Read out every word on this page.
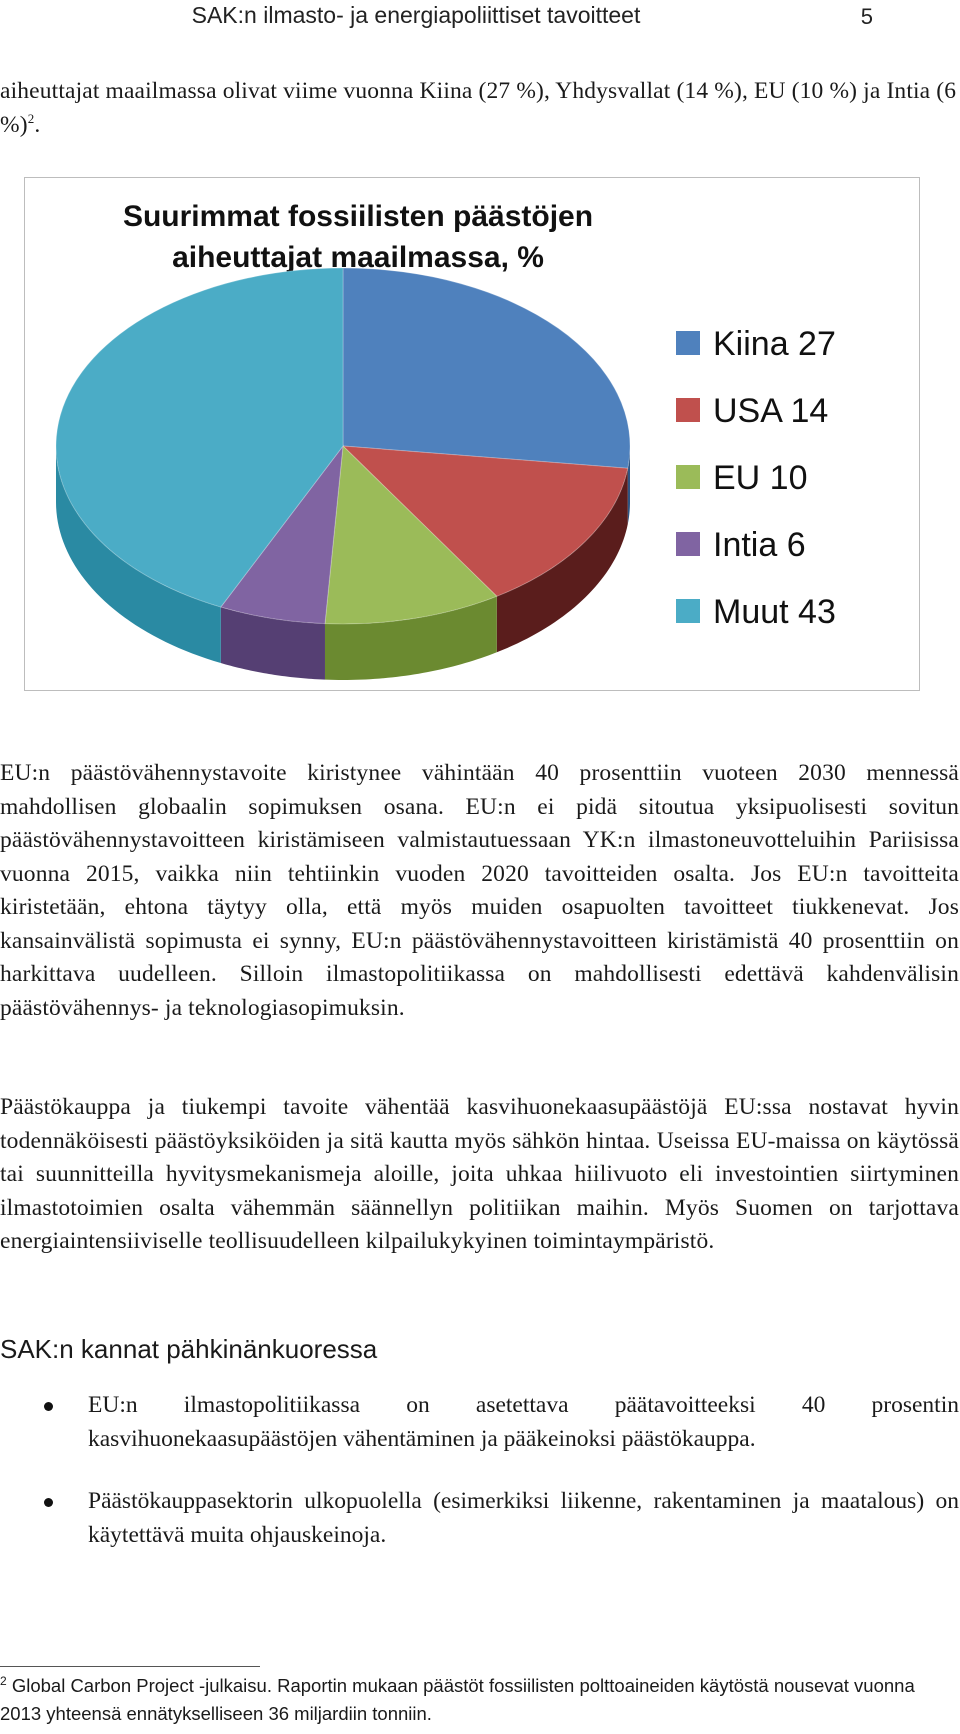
SAK:n ilmasto- ja energiapoliittiset tavoitteet	5

aiheuttajat maailmassa olivat viime vuonna Kiina (27 %), Yhdysvallat (14 %), EU (10 %) ja Intia (6 %)$^2$.

Suurimmat fossiilisten päästöjen
aiheuttajat maailmassa, %
Kiina 27
USA 14
EU 10
Intia 6
Muut 43

EU:n päästövähennystavoite kiristynee vähintään 40 prosenttiin vuoteen 2030 mennessä mahdollisen globaalin sopimuksen osana. EU:n ei pidä sitoutua yksipuolisesti sovitun päästövähennystavoitteen kiristämiseen valmistautuessaan YK:n ilmastoneuvotteluihin Pariisissa vuonna 2015, vaikka niin tehtiinkin vuoden 2020 tavoitteiden osalta. Jos EU:n tavoitteita kiristetään, ehtona täytyy olla, että myös muiden osapuolten tavoitteet tiukkenevat. Jos kansainvälistä sopimusta ei synny, EU:n päästövähennystavoitteen kiristämistä 40 prosenttiin on harkittava uudelleen. Silloin ilmastopolitiikassa on mahdollisesti edettävä kahdenvälisin päästövähennys- ja teknologiasopimuksin.

Päästökauppa ja tiukempi tavoite vähentää kasvihuonekaasupäästöjä EU:ssa nostavat hyvin todennäköisesti päästöyksiköiden ja sitä kautta myös sähkön hintaa. Useissa EU-maissa on käytössä tai suunnitteilla hyvitysmekanismeja aloille, joita uhkaa hiilivuoto eli investointien siirtyminen ilmastotoimien osalta vähemmän säännellyn politiikan maihin. Myös Suomen on tarjottava energiaintensiiviselle teollisuudelleen kilpailukykyinen toimintaympäristö.

SAK:n kannat pähkinänkuoressa
EU:n ilmastopolitiikassa on asetettava päätavoitteeksi 40 prosentin kasvihuonekaasupäästöjen vähentäminen ja pääkeinoksi päästökauppa.
Päästökauppasektorin ulkopuolella (esimerkiksi liikenne, rakentaminen ja maatalous) on käytettävä muita ohjauskeinoja.

$^2$ Global Carbon Project -julkaisu. Raportin mukaan päästöt fossiilisten polttoaineiden käytöstä nousevat vuonna 2013 yhteensä ennätykselliseen 36 miljardiin tonniin.
